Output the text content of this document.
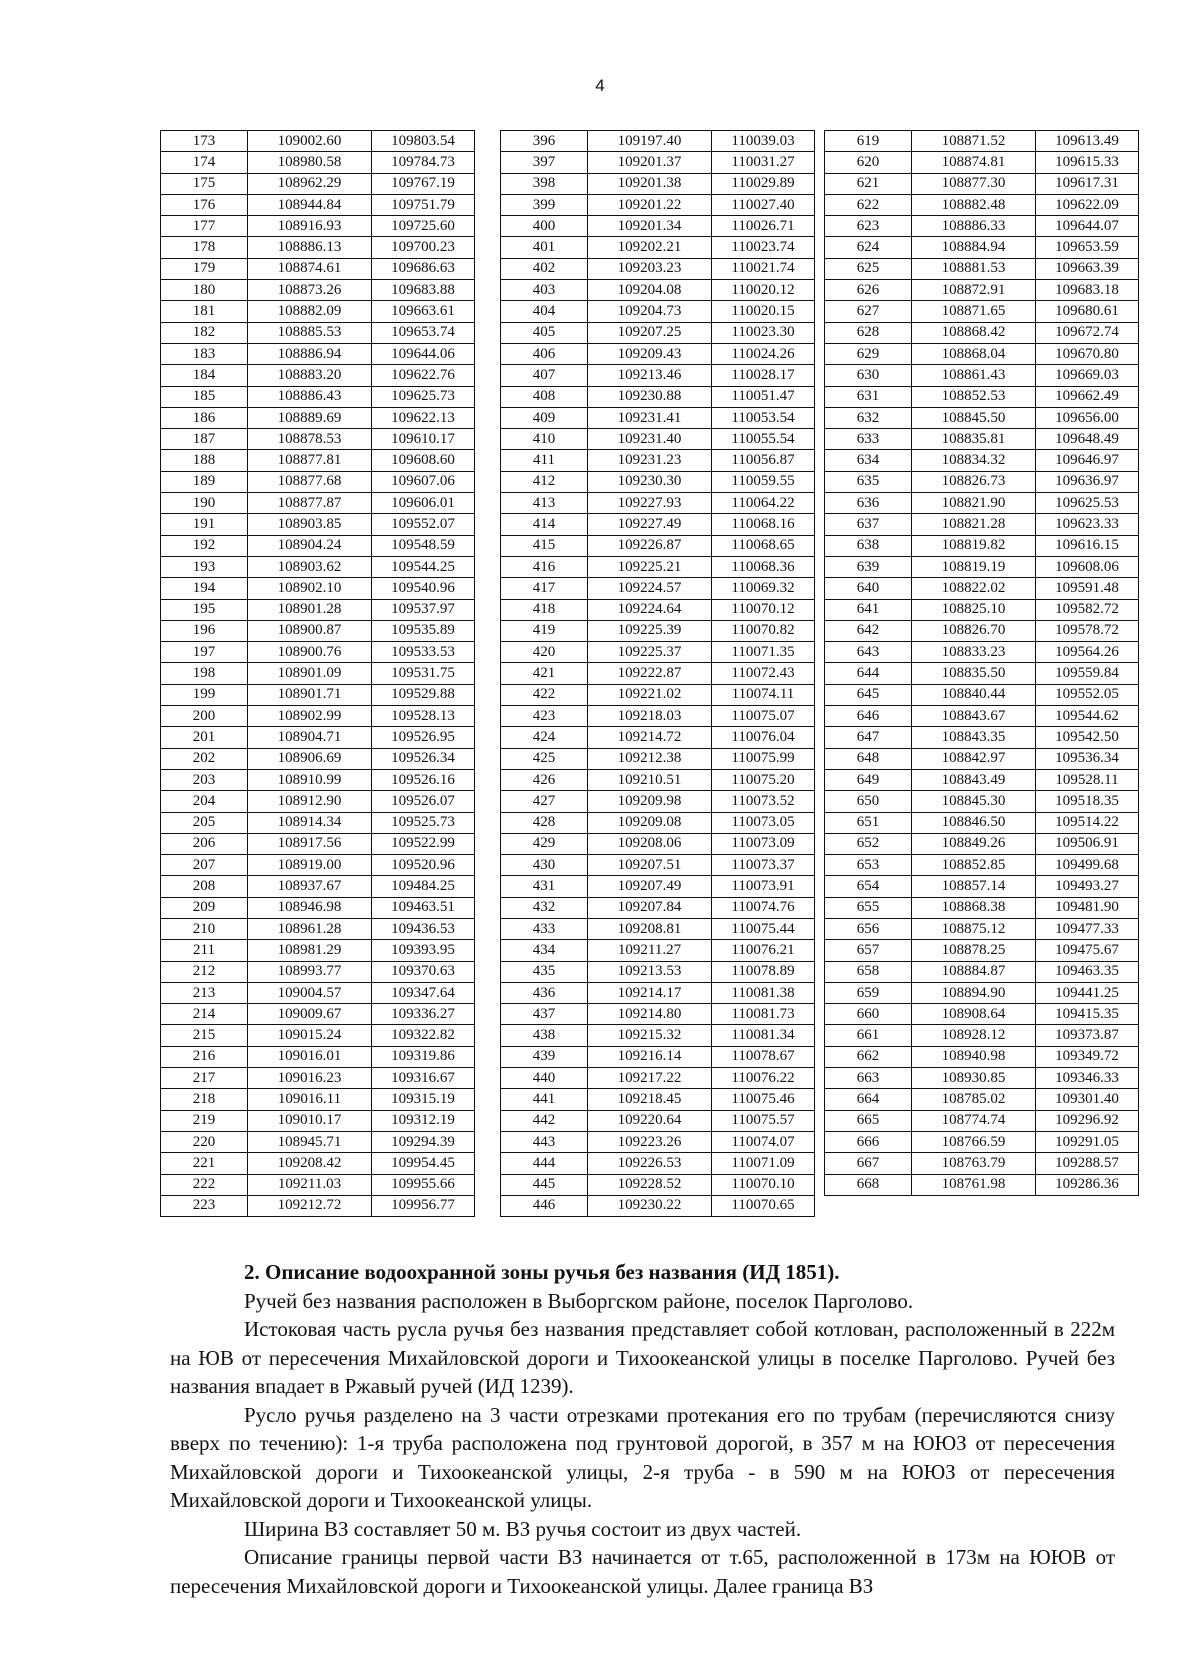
4
173	109002.60	109803.54
174	108980.58	109784.73
175	108962.29	109767.19
176	108944.84	109751.79
177	108916.93	109725.60
178	108886.13	109700.23
179	108874.61	109686.63
180	108873.26	109683.88
181	108882.09	109663.61
182	108885.53	109653.74
183	108886.94	109644.06
184	108883.20	109622.76
185	108886.43	109625.73
186	108889.69	109622.13
187	108878.53	109610.17
188	108877.81	109608.60
189	108877.68	109607.06
190	108877.87	109606.01
191	108903.85	109552.07
192	108904.24	109548.59
193	108903.62	109544.25
194	108902.10	109540.96
195	108901.28	109537.97
196	108900.87	109535.89
197	108900.76	109533.53
198	108901.09	109531.75
199	108901.71	109529.88
200	108902.99	109528.13
201	108904.71	109526.95
202	108906.69	109526.34
203	108910.99	109526.16
204	108912.90	109526.07
205	108914.34	109525.73
206	108917.56	109522.99
207	108919.00	109520.96
208	108937.67	109484.25
209	108946.98	109463.51
210	108961.28	109436.53
211	108981.29	109393.95
212	108993.77	109370.63
213	109004.57	109347.64
214	109009.67	109336.27
215	109015.24	109322.82
216	109016.01	109319.86
217	109016.23	109316.67
218	109016.11	109315.19
219	109010.17	109312.19
220	108945.71	109294.39
221	109208.42	109954.45
222	109211.03	109955.66
223	109212.72	109956.77
396	109197.40	110039.03
397	109201.37	110031.27
398	109201.38	110029.89
399	109201.22	110027.40
400	109201.34	110026.71
401	109202.21	110023.74
402	109203.23	110021.74
403	109204.08	110020.12
404	109204.73	110020.15
405	109207.25	110023.30
406	109209.43	110024.26
407	109213.46	110028.17
408	109230.88	110051.47
409	109231.41	110053.54
410	109231.40	110055.54
411	109231.23	110056.87
412	109230.30	110059.55
413	109227.93	110064.22
414	109227.49	110068.16
415	109226.87	110068.65
416	109225.21	110068.36
417	109224.57	110069.32
418	109224.64	110070.12
419	109225.39	110070.82
420	109225.37	110071.35
421	109222.87	110072.43
422	109221.02	110074.11
423	109218.03	110075.07
424	109214.72	110076.04
425	109212.38	110075.99
426	109210.51	110075.20
427	109209.98	110073.52
428	109209.08	110073.05
429	109208.06	110073.09
430	109207.51	110073.37
431	109207.49	110073.91
432	109207.84	110074.76
433	109208.81	110075.44
434	109211.27	110076.21
435	109213.53	110078.89
436	109214.17	110081.38
437	109214.80	110081.73
438	109215.32	110081.34
439	109216.14	110078.67
440	109217.22	110076.22
441	109218.45	110075.46
442	109220.64	110075.57
443	109223.26	110074.07
444	109226.53	110071.09
445	109228.52	110070.10
446	109230.22	110070.65
619	108871.52	109613.49
620	108874.81	109615.33
621	108877.30	109617.31
622	108882.48	109622.09
623	108886.33	109644.07
624	108884.94	109653.59
625	108881.53	109663.39
626	108872.91	109683.18
627	108871.65	109680.61
628	108868.42	109672.74
629	108868.04	109670.80
630	108861.43	109669.03
631	108852.53	109662.49
632	108845.50	109656.00
633	108835.81	109648.49
634	108834.32	109646.97
635	108826.73	109636.97
636	108821.90	109625.53
637	108821.28	109623.33
638	108819.82	109616.15
639	108819.19	109608.06
640	108822.02	109591.48
641	108825.10	109582.72
642	108826.70	109578.72
643	108833.23	109564.26
644	108835.50	109559.84
645	108840.44	109552.05
646	108843.67	109544.62
647	108843.35	109542.50
648	108842.97	109536.34
649	108843.49	109528.11
650	108845.30	109518.35
651	108846.50	109514.22
652	108849.26	109506.91
653	108852.85	109499.68
654	108857.14	109493.27
655	108868.38	109481.90
656	108875.12	109477.33
657	108878.25	109475.67
658	108884.87	109463.35
659	108894.90	109441.25
660	108908.64	109415.35
661	108928.12	109373.87
662	108940.98	109349.72
663	108930.85	109346.33
664	108785.02	109301.40
665	108774.74	109296.92
666	108766.59	109291.05
667	108763.79	109288.57
668	108761.98	109286.36

2. Описание водоохранной зоны ручья без названия (ИД 1851).

Ручей без названия расположен в Выборгском районе, поселок Парголово.

Истоковая часть русла ручья без названия представляет собой котлован, расположенный в 222м на ЮВ от пересечения Михайловской дороги и Тихоокеанской улицы в поселке Парголово. Ручей без названия впадает в Ржавый ручей (ИД 1239).

Русло ручья разделено на 3 части отрезками протекания его по трубам (перечисляются снизу вверх по течению): 1-я труба расположена под грунтовой дорогой, в 357 м на ЮЮЗ от пересечения Михайловской дороги и Тихоокеанской улицы, 2-я труба - в 590 м на ЮЮЗ от пересечения Михайловской дороги и Тихоокеанской улицы.

Ширина ВЗ составляет 50 м. ВЗ ручья состоит из двух частей.

Описание границы первой части ВЗ начинается от т.65, расположенной в 173м на ЮЮВ от пересечения Михайловской дороги и Тихоокеанской улицы. Далее граница ВЗ
